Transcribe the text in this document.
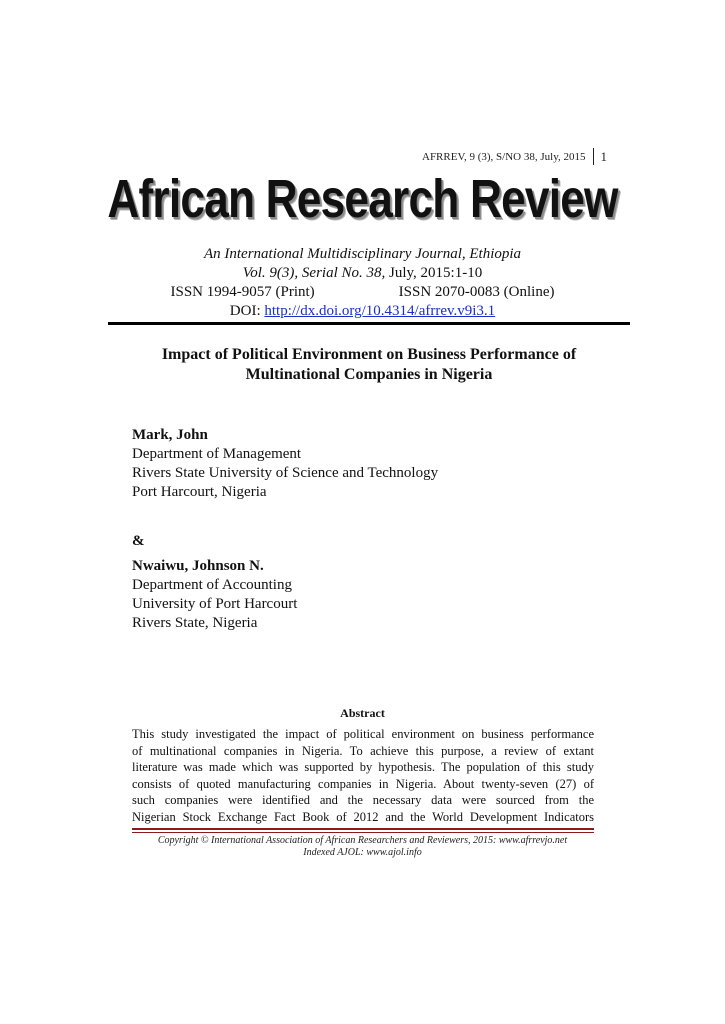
AFRREV, 9 (3), S/NO 38, July, 2015 1
African Research Review
An International Multidisciplinary Journal, Ethiopia
Vol. 9(3), Serial No. 38, July, 2015:1-10
ISSN 1994-9057 (Print)	ISSN 2070-0083 (Online)
DOI: http://dx.doi.org/10.4314/afrrev.v9i3.1
Impact of Political Environment on Business Performance of
Multinational Companies in Nigeria
Mark, John
Department of Management
Rivers State University of Science and Technology
Port Harcourt, Nigeria
&
Nwaiwu, Johnson N.
Department of Accounting
University of Port Harcourt
Rivers State, Nigeria
Abstract
This study investigated the impact of political environment on business performance
of multinational companies in Nigeria. To achieve this purpose, a review of extant
literature was made which was supported by hypothesis. The population of this study
consists of quoted manufacturing companies in Nigeria. About twenty-seven (27) of
such companies were identified and the necessary data were sourced from the
Nigerian Stock Exchange Fact Book of 2012 and the World Development Indicators
Copyright © International Association of African Researchers and Reviewers, 2015: www.afrrevjo.net
Indexed AJOL: www.ajol.info
